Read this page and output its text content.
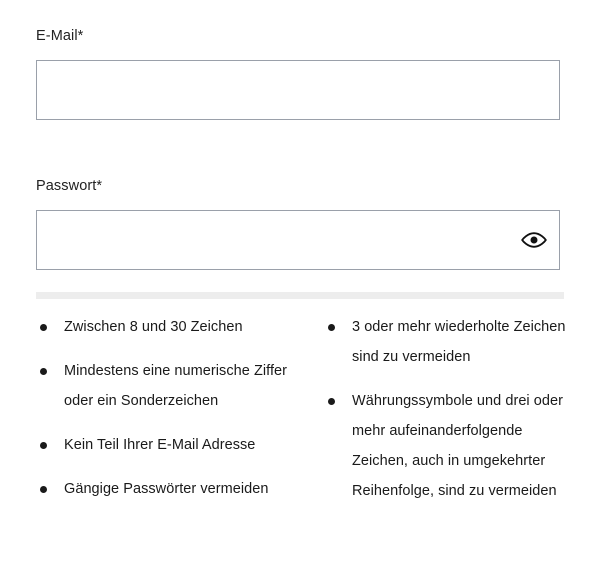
E-Mail*
Passwort*
Zwischen 8 und 30 Zeichen
Mindestens eine numerische Ziffer oder ein Sonderzeichen
Kein Teil Ihrer E-Mail Adresse
Gängige Passwörter vermeiden
3 oder mehr wiederholte Zeichen sind zu vermeiden
Währungssymbole und drei oder mehr aufeinanderfolgende Zeichen, auch in umgekehrter Reihenfolge, sind zu vermeiden
